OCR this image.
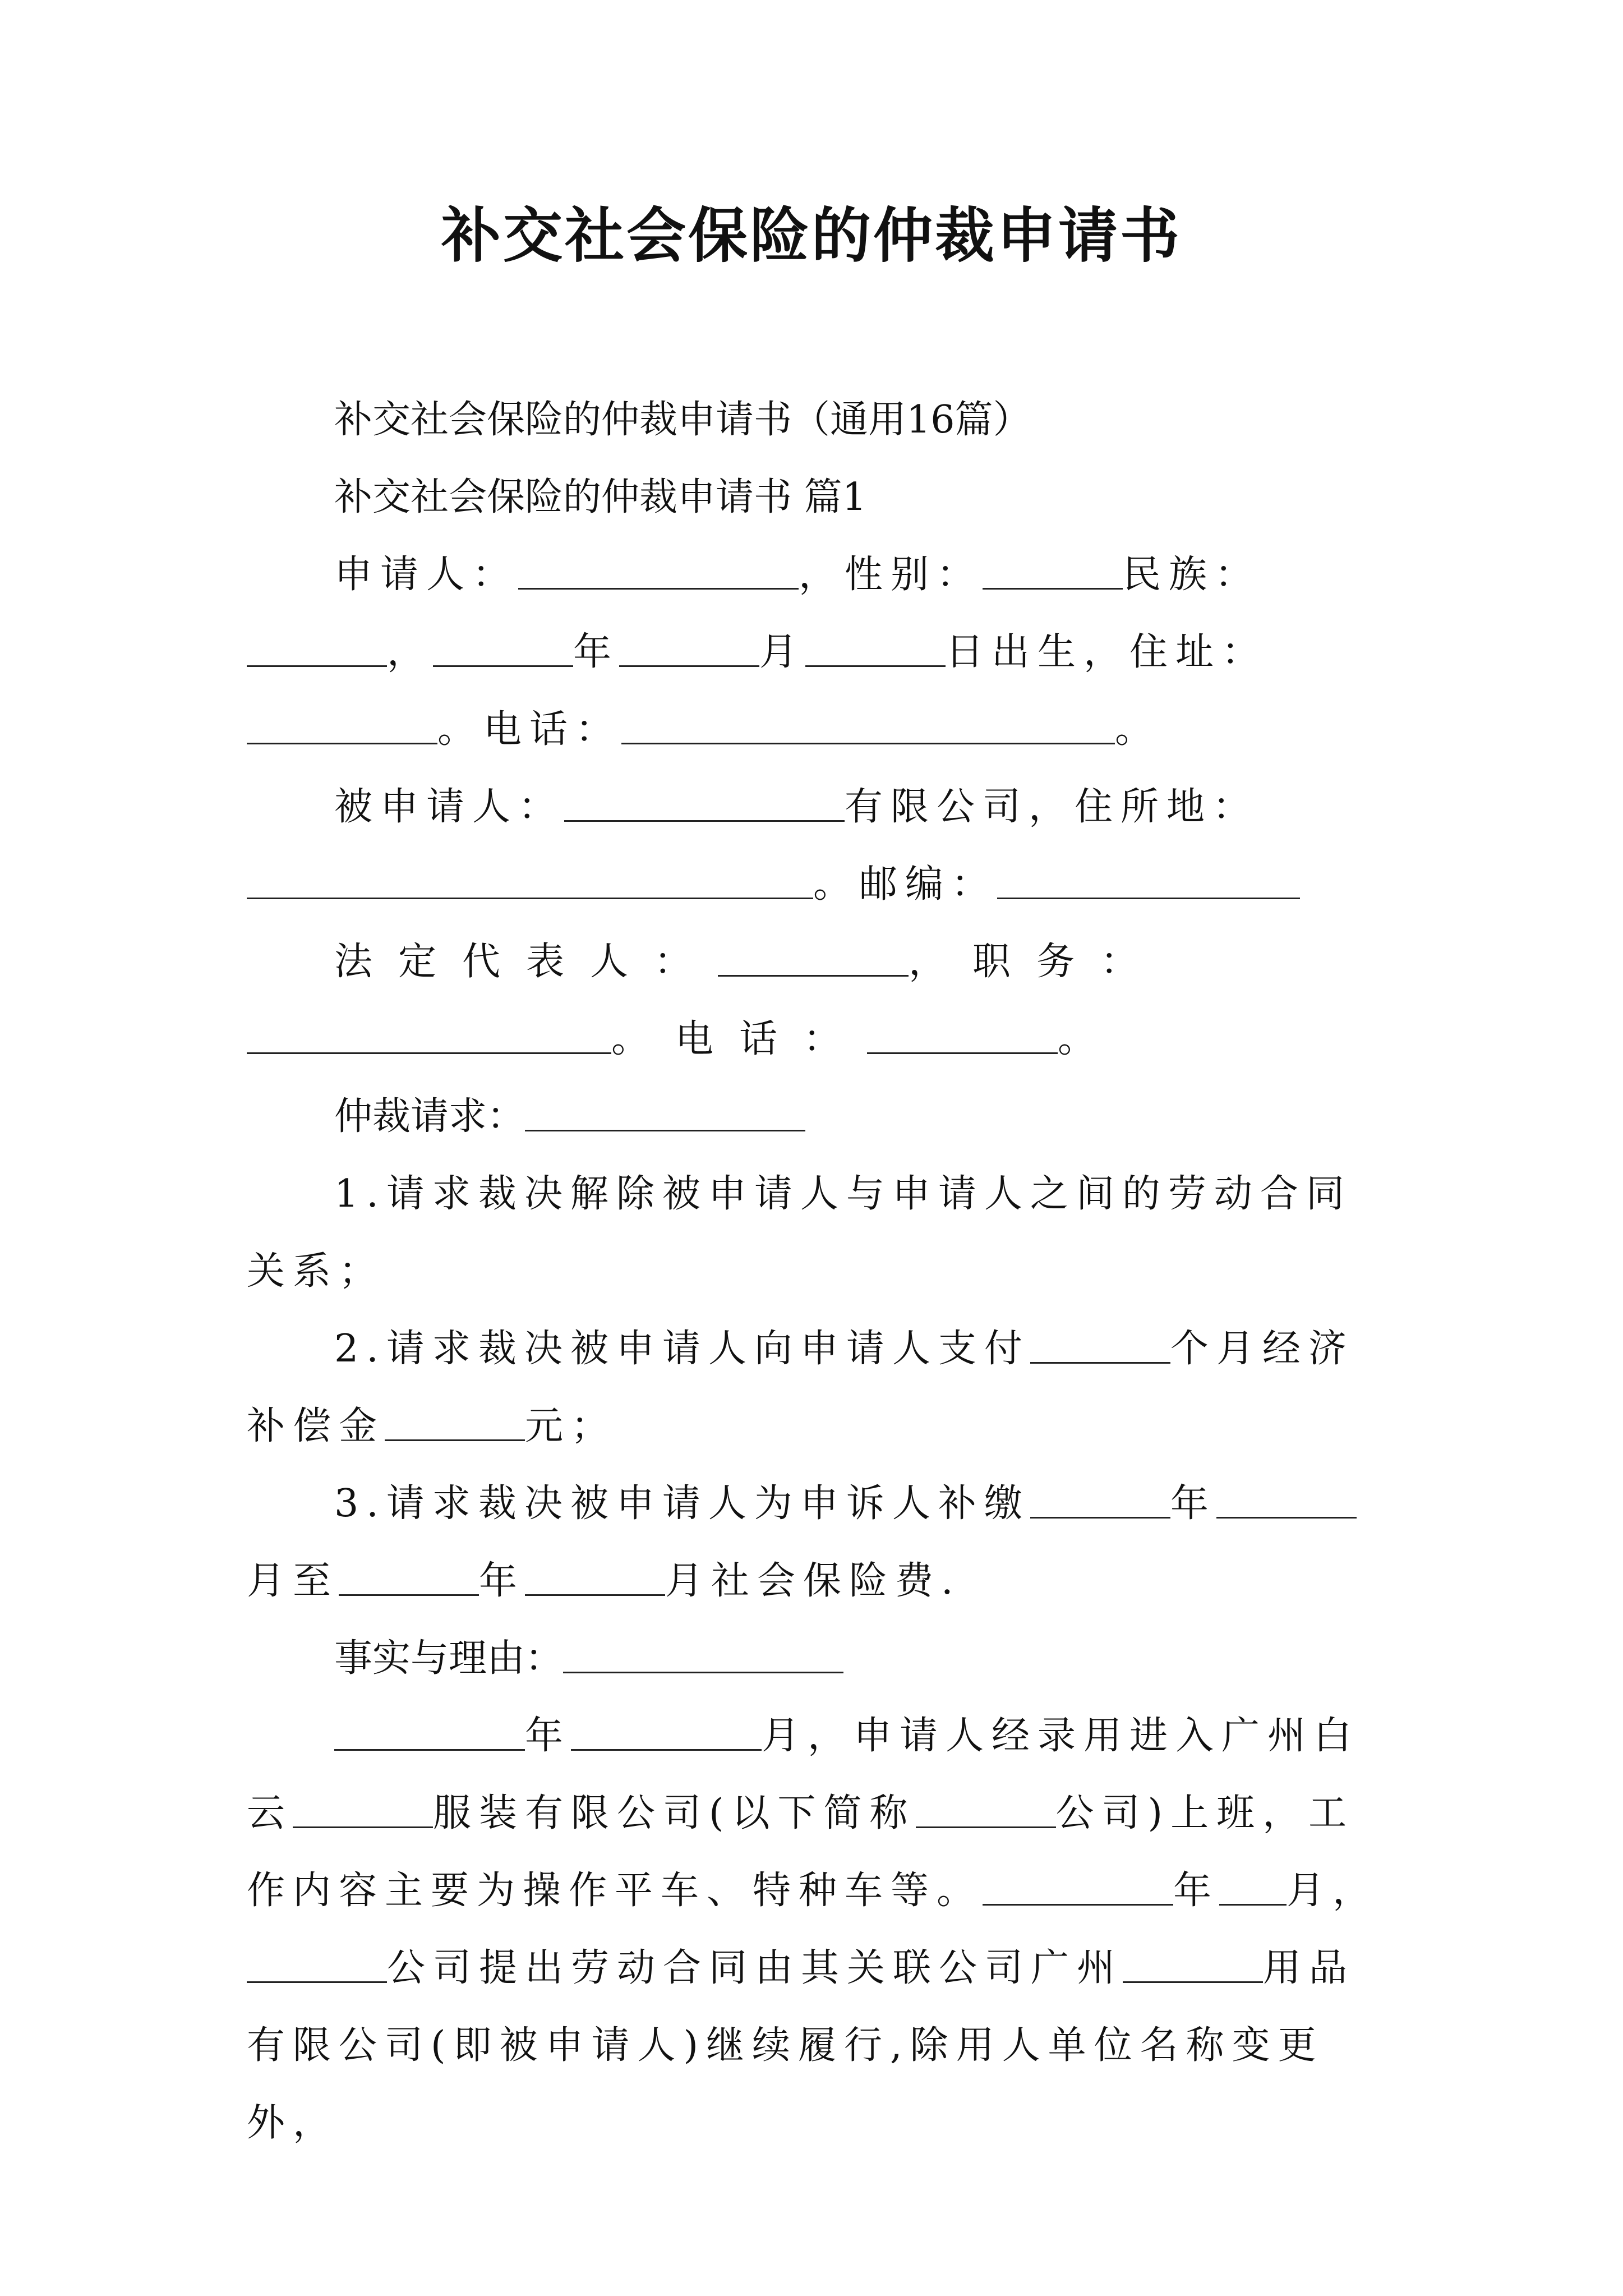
补交社会保险的仲裁申请书

补交社会保险的仲裁申请书（通用16篇）

补交社会保险的仲裁申请书 篇1

申请人：	，性别：	民族：，	年	月	日出生，住址：。电话：	。

被申请人：	有限公司，住所地：。邮编：

法定代表人：	，职务：。电话：	。

仲裁请求：

1.请求裁决解除被申请人与申请人之间的劳动合同关系；

2.请求裁决被申请人向申请人支付	个月经济补偿金	元；

3.请求裁决被申请人为申诉人补缴	年月至	年	月社会保险费.

事实与理由：

年	月，申请人经录用进入广州白云	服装有限公司(以下简称	公司)上班，工作内容主要为操作平车、特种车等。	年 月，公司提出劳动合同由其关联公司广州	用品有限公司(即被申请人)继续履行,除用人单位名称变更外，
